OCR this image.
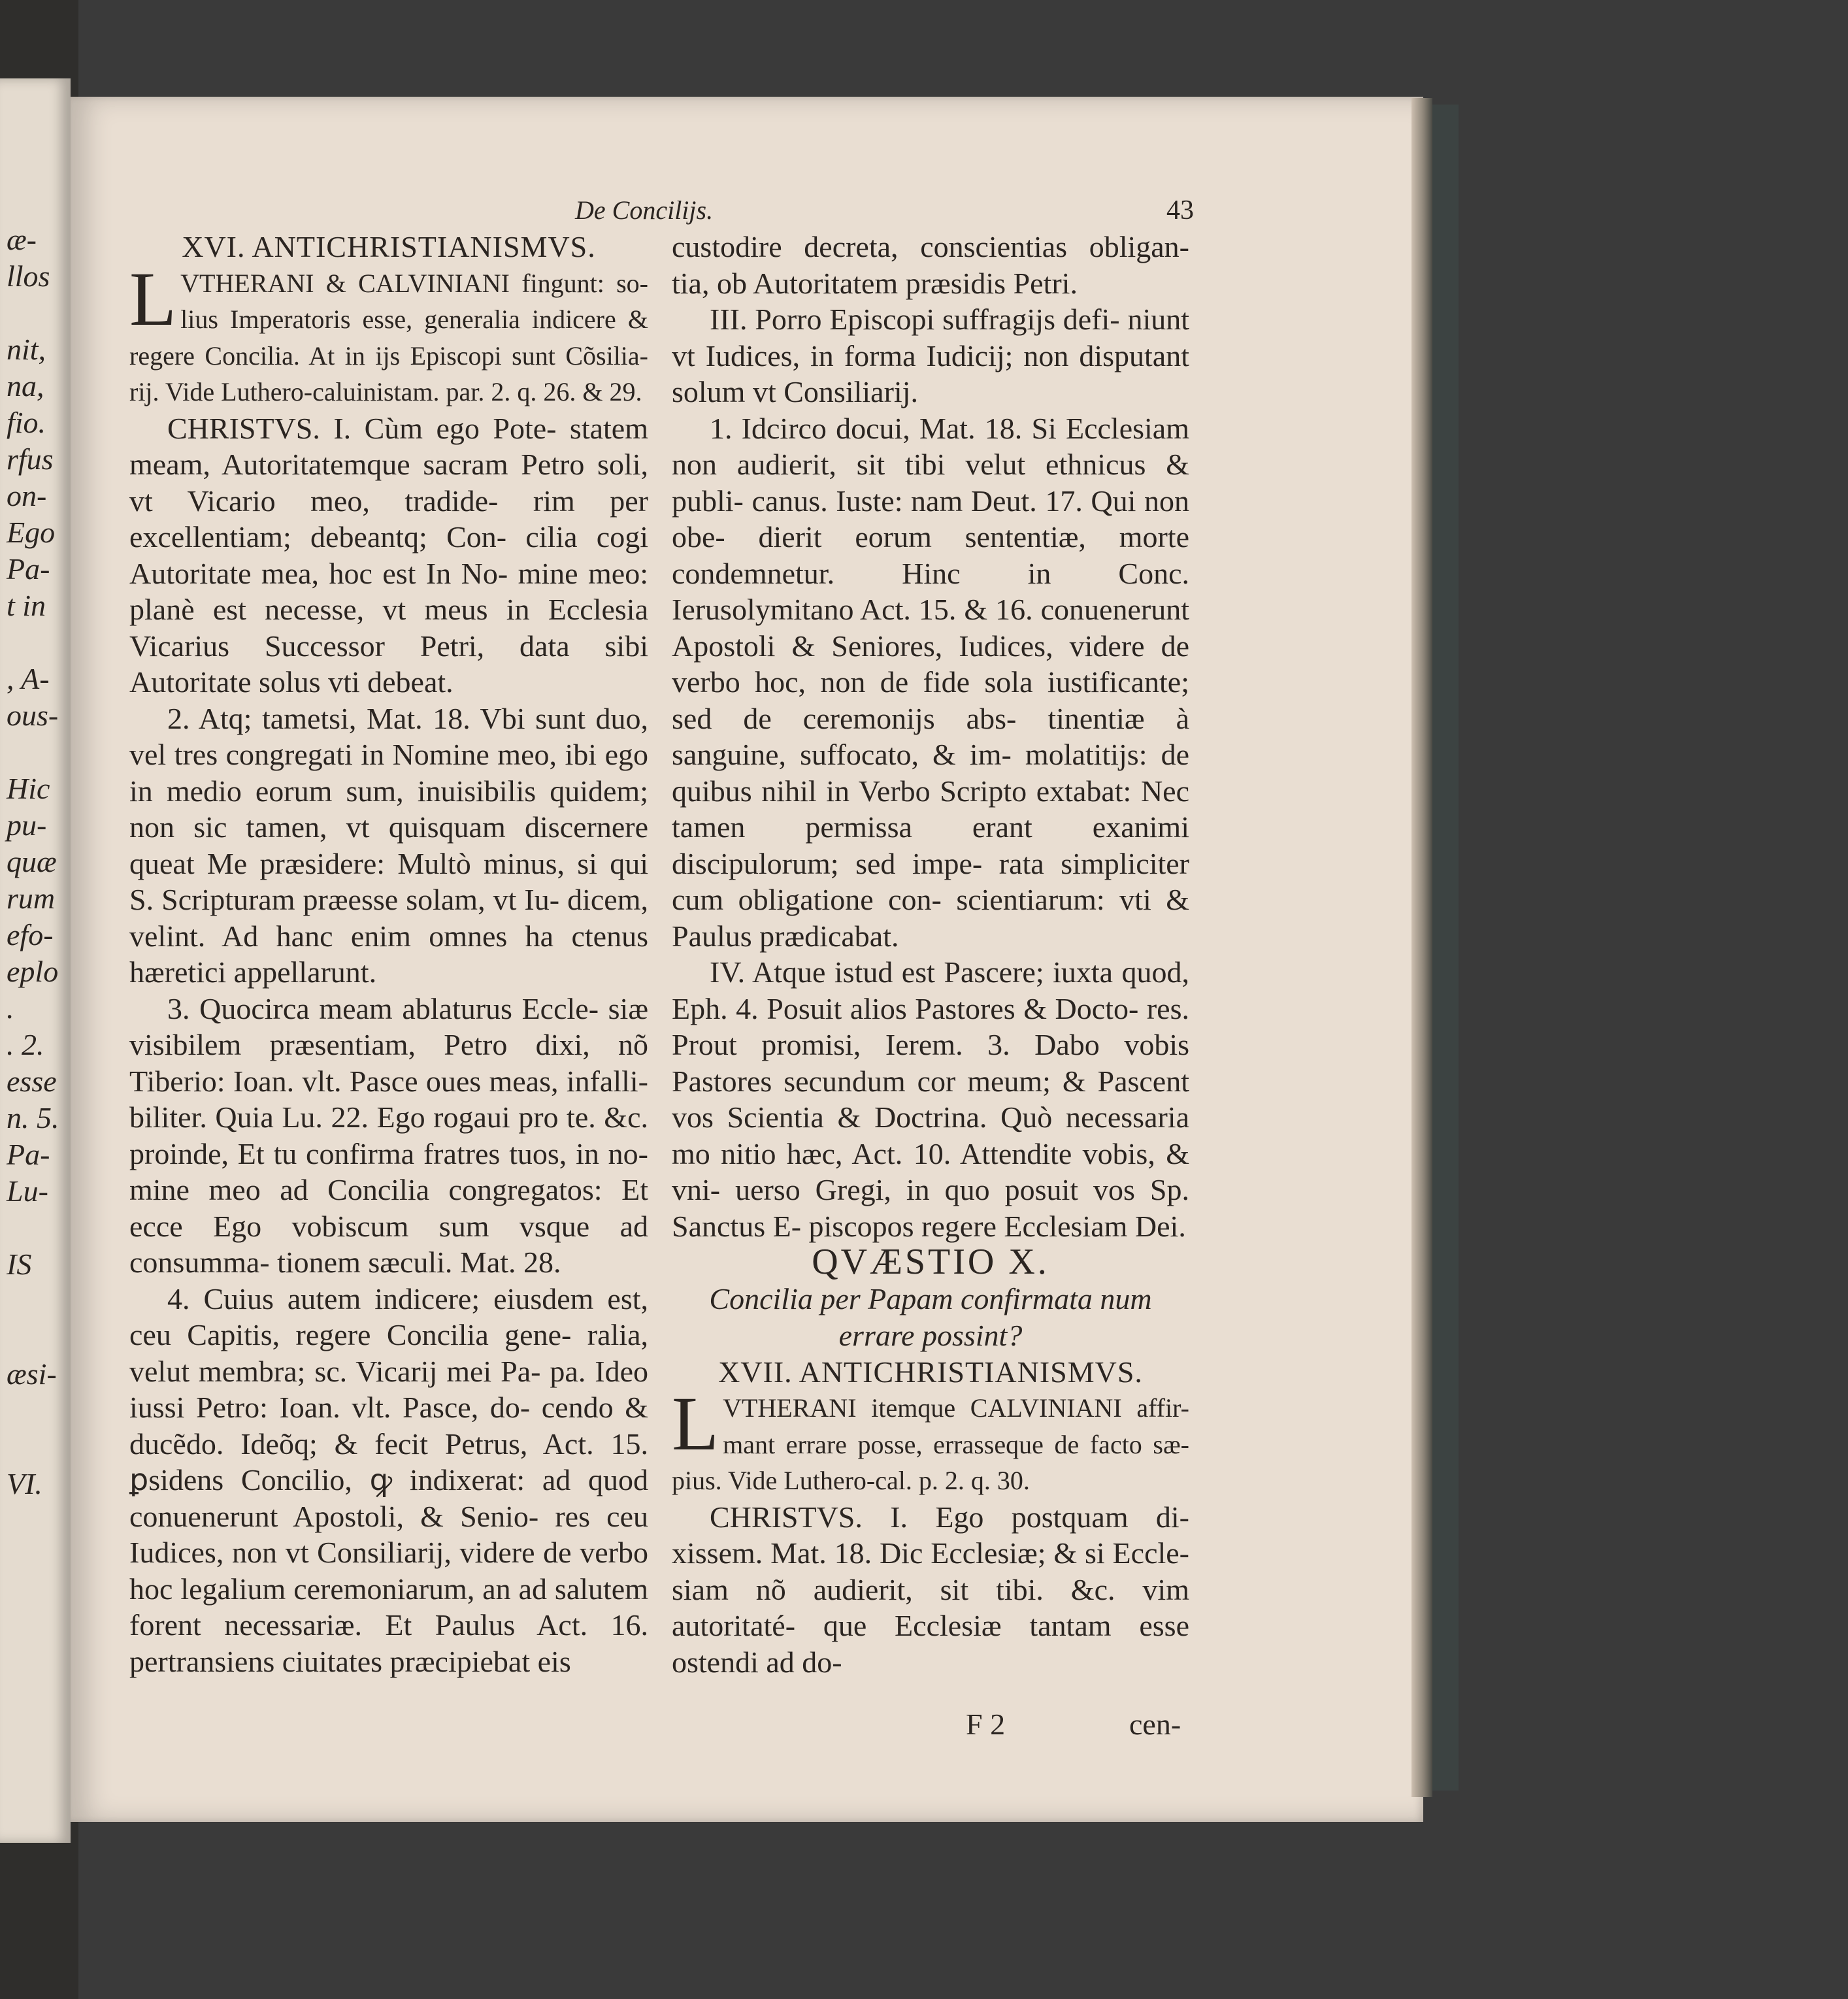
æ-
llos
nit,
na,
fio.
rfus
on-
Ego
Pa-
t in
, A-
ous-
Hic
pu-
quæ
rum
efo-
eplo
.
. 2.
esse
n. 5.
Pa-
Lu-
IS
æsi-
VI.
De Concilijs.	43

XVI. ANTICHRISTIANISMVS.

LVTHERANI & CALVINIANI fingunt: so- lius Imperatoris esse, generalia indicere & regere Concilia. At in ijs Episcopi sunt Cõsilia- rij. Vide Luthero-caluinistam. par. 2. q. 26. & 29.

CHRISTVS. I. Cùm ego Pote- statem meam, Autoritatemque sacram Petro soli, vt Vicario meo, tradide- rim per excellentiam; debeantq; Con- cilia cogi Autoritate mea, hoc est In No- mine meo: planè est necesse, vt meus in Ecclesia Vicarius Successor Petri, data sibi Autoritate solus vti debeat.

2. Atq; tametsi, Mat. 18. Vbi sunt duo, vel tres congregati in Nomine meo, ibi ego in medio eorum sum, inuisibilis quidem; non sic tamen, vt quisquam discernere queat Me præsidere: Multò minus, si qui S. Scripturam præesse solam, vt Iu- dicem, velint. Ad hanc enim omnes ha ctenus hæretici appellarunt.

3. Quocirca meam ablaturus Eccle- siæ visibilem præsentiam, Petro dixi, nõ Tiberio: Ioan. vlt. Pasce oues meas, infalli- biliter. Quia Lu. 22. Ego rogaui pro te. &c. proinde, Et tu confirma fratres tuos, in no- mine meo ad Concilia congregatos: Et ecce Ego vobiscum sum vsque ad consumma- tionem sæculi. Mat. 28.

4. Cuius autem indicere; eiusdem est, ceu Capitis, regere Concilia gene- ralia, velut membra; sc. Vicarij mei Pa- pa. Ideo iussi Petro: Ioan. vlt. Pasce, do- cendo & ducẽdo. Ideõq; & fecit Petrus, Act. 15. ꝑsidens Concilio, ꝙ indixerat: ad quod conuenerunt Apostoli, & Senio- res ceu Iudices, non vt Consiliarij, videre de verbo hoc legalium ceremoniarum, an ad salutem forent necessariæ. Et Paulus Act. 16. pertransiens ciuitates præcipiebat eis

custodire decreta, conscientias obligan- tia, ob Autoritatem præsidis Petri.

III. Porro Episcopi suffragijs defi- niunt vt Iudices, in forma Iudicij; non disputant solum vt Consiliarij.

1. Idcirco docui, Mat. 18. Si Ecclesiam non audierit, sit tibi velut ethnicus & publi- canus. Iuste: nam Deut. 17. Qui non obe- dierit eorum sententiæ, morte condemnetur. Hinc in Conc. Ierusolymitano Act. 15. & 16. conuenerunt Apostoli & Seniores, Iudices, videre de verbo hoc, non de fide sola iustificante; sed de ceremonijs abs- tinentiæ à sanguine, suffocato, & im- molatitijs: de quibus nihil in Verbo Scripto extabat: Nec tamen permissa erant exanimi discipulorum; sed impe- rata simpliciter cum obligatione con- scientiarum: vti & Paulus prædicabat.

IV. Atque istud est Pascere; iuxta quod, Eph. 4. Posuit alios Pastores & Docto- res. Prout promisi, Ierem. 3. Dabo vobis Pastores secundum cor meum; & Pascent vos Scientia & Doctrina. Quò necessaria mo nitio hæc, Act. 10. Attendite vobis, & vni- uerso Gregi, in quo posuit vos Sp. Sanctus E- piscopos regere Ecclesiam Dei.

QVÆSTIO X.

Concilia per Papam confirmata num errare possint?

XVII. ANTICHRISTIANISMVS.

LVTHERANI itemque CALVINIANI affir- mant errare posse, errasseque de facto sæ- pius. Vide Luthero-cal. p. 2. q. 30.

CHRISTVS. I. Ego postquam di- xissem. Mat. 18. Dic Ecclesiæ; & si Eccle- siam nõ audierit, sit tibi. &c. vim autoritaté- que Ecclesiæ tantam esse ostendi ad do-

F 2	cen-
